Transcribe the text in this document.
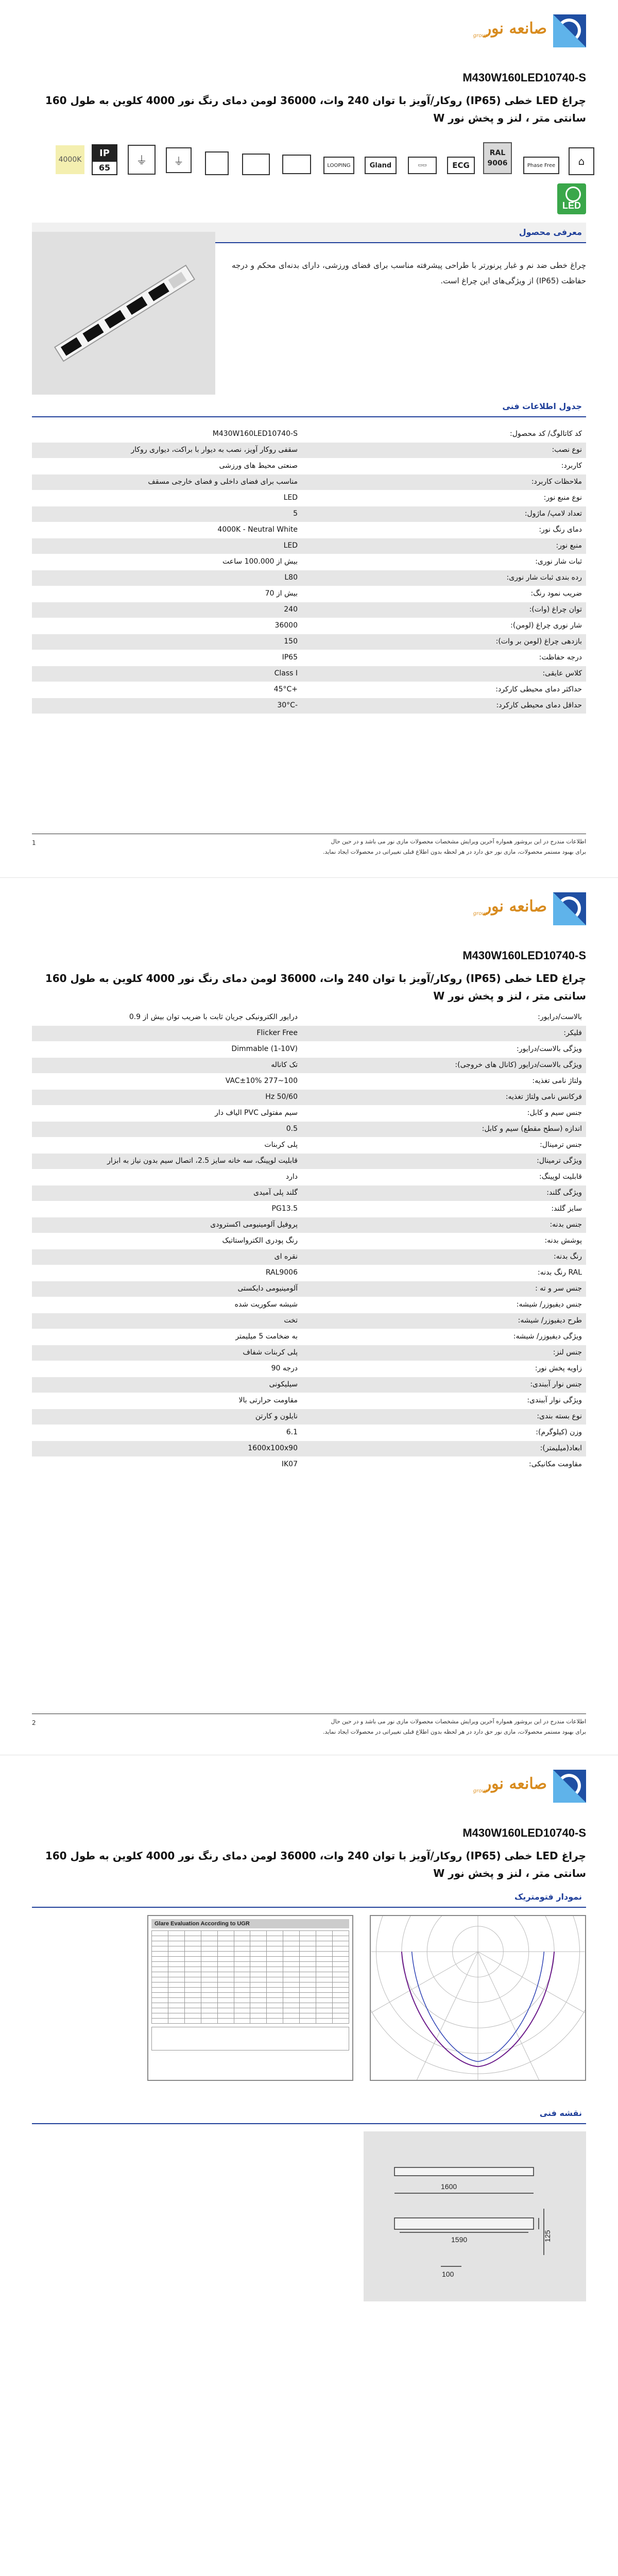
صانعه نور
group
M430W160LED10740-S
چراغ LED خطی (IP65) روکار/آویز با توان 240 وات، 36000 لومن دمای رنگ نور 4000 کلوین به طول 160 سانتی متر ، لنز و پخش نور W
4000K
IP
65
⏚	⏚	LOOPING	Gland	▭▭	ECG
RAL
9006	Phase Free	⌂
LED
معرفی محصول
چراغ خطی ضد نم و غبار پرنورتر با طراحی پیشرفته مناسب برای فضای ورزشی، دارای بدنه‌ای محکم و درجه حفاظت (IP65) از ویژگی‌های این چراغ است.
جدول اطلاعات فنی
کد کاتالوگ/ کد محصول:
M430W160LED10740-S
نوع نصب:
سقفی روکار آویز، نصب به دیوار با براکت، دیواری روکار
کاربرد:
صنعتی محیط های ورزشی
ملاحظات کاربرد:
مناسب برای فضای داخلی و فضای خارجی مسقف
نوع منبع نور:
LED
تعداد لامپ/ ماژول:
5
دمای رنگ نور:
4000K - Neutral White
منبع نور:
LED
ثبات شار نوری:
بیش از 100.000 ساعت
رده بندی ثبات شار نوری:
L80
ضریب نمود رنگ:
بیش از 70
توان چراغ (وات):
240
شار نوری چراغ (لومن):
36000
بازدهی چراغ (لومن بر وات):
150
درجه حفاظت:
IP65
کلاس عایقی:
Class I
حداکثر دمای محیطی کارکرد:
+45°C
حداقل دمای محیطی کارکرد:
-30°C
اطلاعات مندرج در این بروشور همواره آخرین ویرایش مشخصات محصولات مازی نور می باشد و در حین حال
برای بهبود مستمر محصولات، مازی نور حق دارد در هر لحظه بدون اطلاع قبلی تغییراتی در محصولات ایجاد نماید.
1
صانعه نور
group
M430W160LED10740-S
چراغ LED خطی (IP65) روکار/آویز با توان 240 وات، 36000 لومن دمای رنگ نور 4000 کلوین به طول 160 سانتی متر ، لنز و پخش نور W
بالاست/درایور:
درایور الکترونیکی جریان ثابت با ضریب توان بیش از 0.9
فلیکر:
Flicker Free
ویژگی بالاست/درایور:
Dimmable (1-10V)
ویژگی بالاست/درایور (کانال های خروجی):
تک کاناله
ولتاژ نامی تغذیه:
100~277 VAC±10%
فرکانس نامی ولتاژ تغذیه:
50/60 Hz
جنس سیم و کابل:
سیم مفتولی PVC الیاف دار
اندازه (سطح مقطع) سیم و کابل:
0.5
جنس ترمینال:
پلی کربنات
ویژگی ترمینال:
قابلیت لوپینگ، سه خانه سایز 2.5، اتصال سیم بدون نیاز به ابزار
قابلیت لوپینگ:
دارد
ویژگی گلند:
گلند پلی آمیدی
سایز گلند:
PG13.5
جنس بدنه:
پروفیل آلومینیومی اکسترودی
پوشش بدنه:
رنگ پودری الکترواستاتیک
رنگ بدنه:
نقره ای
RAL رنگ بدنه:
RAL9006
جنس سر و ته :
آلومینیومی دایکستی
جنس دیفیوزر/ شیشه:
شیشه سکوریت شده
طرح دیفیوزر/ شیشه:
تخت
ویژگی دیفیوزر/ شیشه:
به ضخامت 5 میلیمتر
جنس لنز:
پلی کربنات شفاف
زاویه پخش نور:
درجه 90
جنس نوار آببندی:
سیلیکونی
ویژگی نوار آببندی:
مقاومت حرارتی بالا
نوع بسته بندی:
نایلون و کارتن
وزن (کیلوگرم):
6.1
ابعاد(میلیمتر):
1600x100x90
مقاومت مکانیکی:
IK07
اطلاعات مندرج در این بروشور همواره آخرین ویرایش مشخصات محصولات مازی نور می باشد و در حین حال
برای بهبود مستمر محصولات، مازی نور حق دارد در هر لحظه بدون اطلاع قبلی تغییراتی در محصولات ایجاد نماید.
2
صانعه نور
group
M430W160LED10740-S
چراغ LED خطی (IP65) روکار/آویز با توان 240 وات، 36000 لومن دمای رنگ نور 4000 کلوین به طول 160 سانتی متر ، لنز و پخش نور W
نمودار فتومتریک
Glare Evaluation According to UGR

نقشه فنی
1600
1590	125
100
